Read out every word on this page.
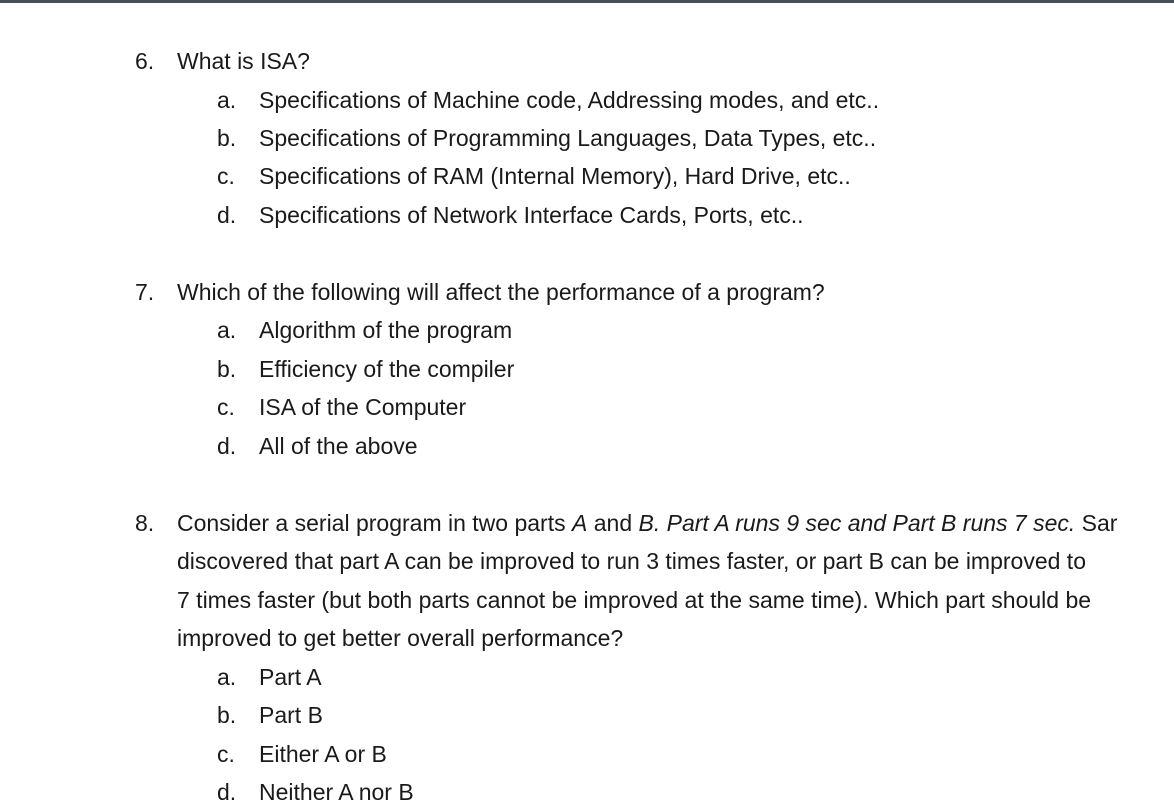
6. What is ISA?
a. Specifications of Machine code, Addressing modes, and etc..
b. Specifications of Programming Languages, Data Types, etc..
c. Specifications of RAM (Internal Memory), Hard Drive, etc..
d. Specifications of Network Interface Cards, Ports, etc..
7. Which of the following will affect the performance of a program?
a. Algorithm of the program
b. Efficiency of the compiler
c. ISA of the Computer
d. All of the above
8. Consider a serial program in two parts A and B. Part A runs 9 sec and Part B runs 7 sec. Sar
discovered that part A can be improved to run 3 times faster, or part B can be improved to
7 times faster (but both parts cannot be improved at the same time). Which part should be
improved to get better overall performance?
a. Part A
b. Part B
c. Either A or B
d. Neither A nor B
